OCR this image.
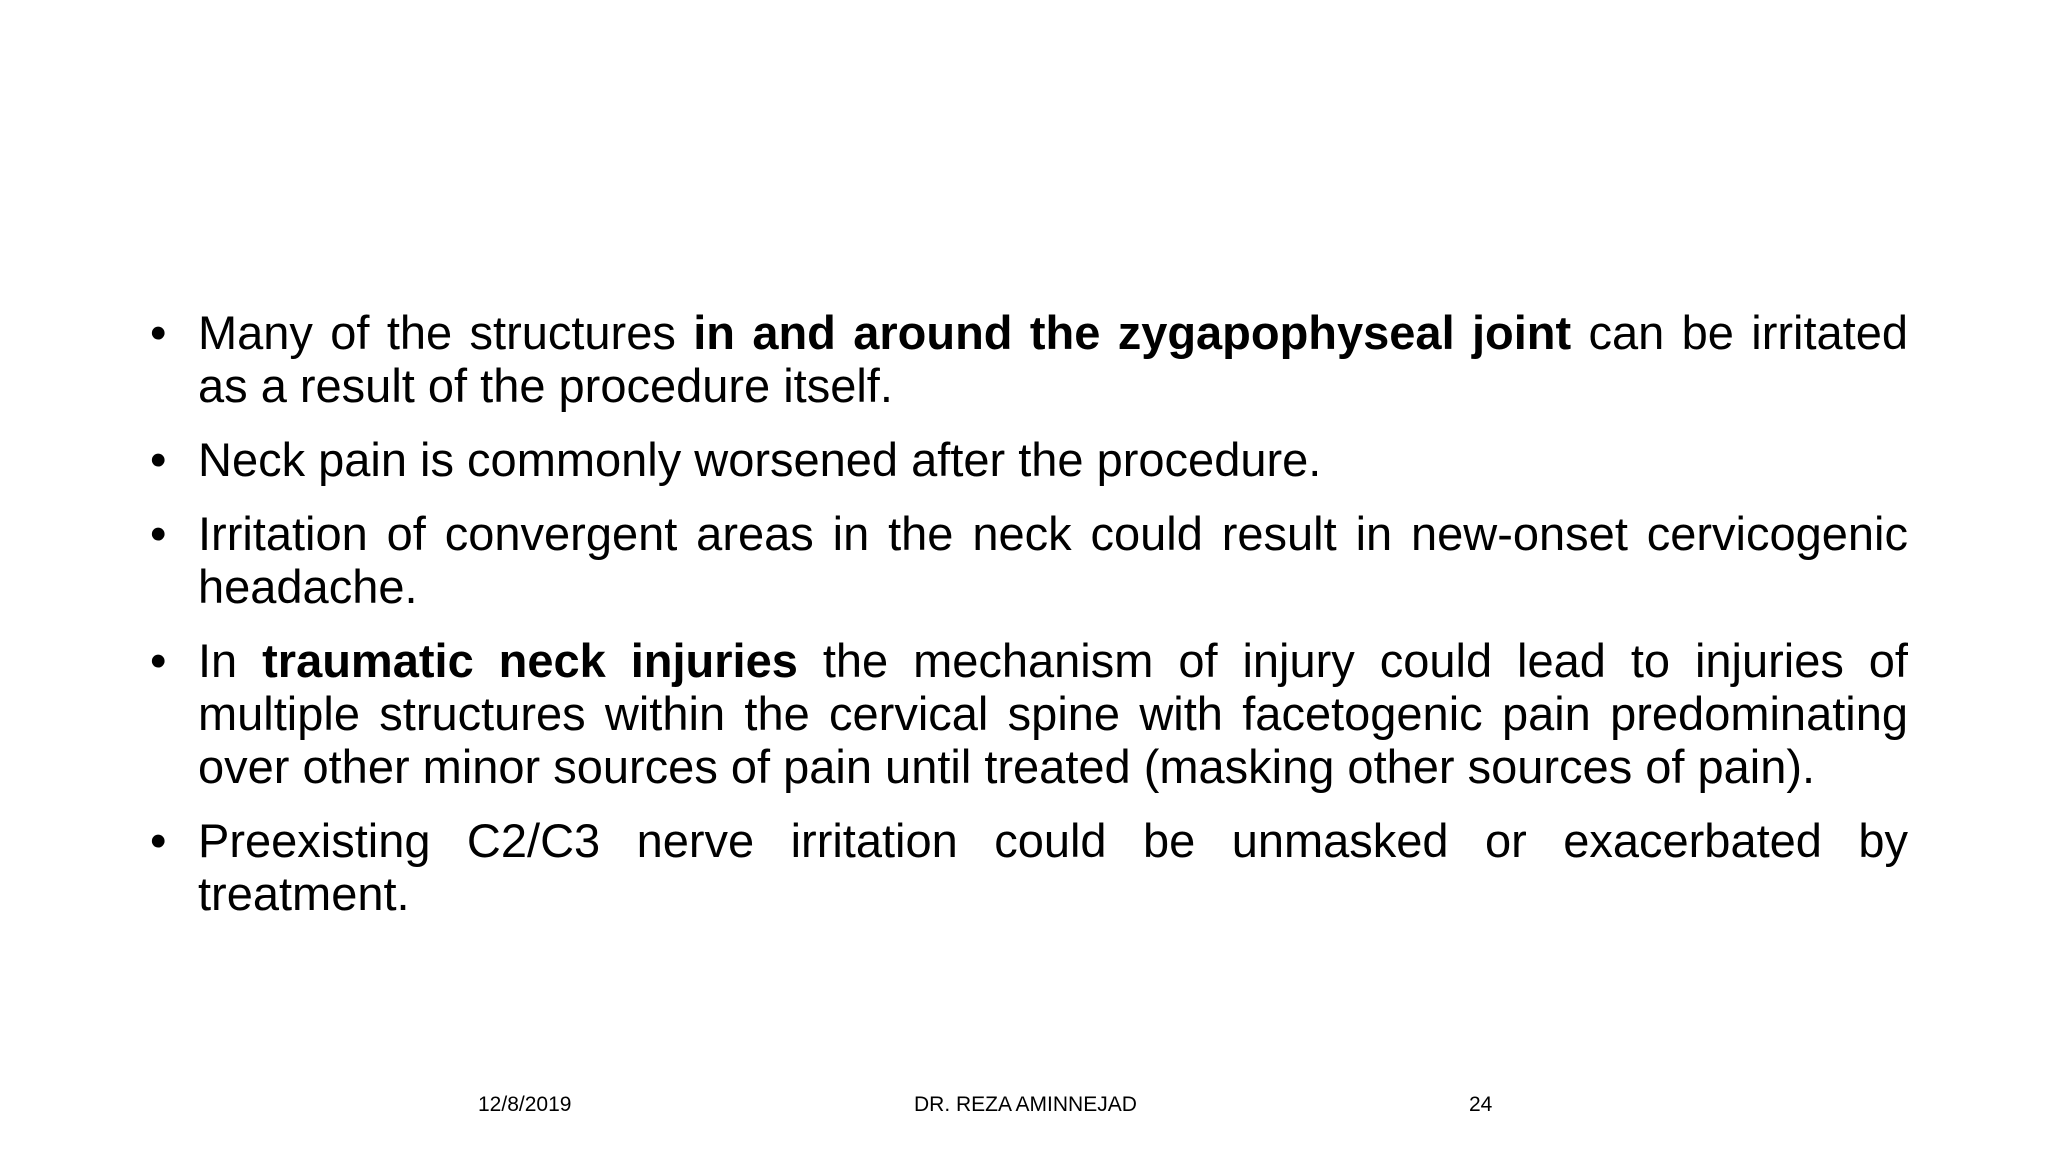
• Many of the structures in and around the zygapophyseal joint can be irritated as a result of the procedure itself.
• Neck pain is commonly worsened after the procedure.
• Irritation of convergent areas in the neck could result in new-onset cervicogenic headache.
• In traumatic neck injuries the mechanism of injury could lead to injuries of multiple structures within the cervical spine with facetogenic pain predominating over other minor sources of pain until treated (masking other sources of pain).
• Preexisting C2/C3 nerve irritation could be unmasked or exacerbated by treatment.
12/8/2019	DR. REZA AMINNEJAD	24
